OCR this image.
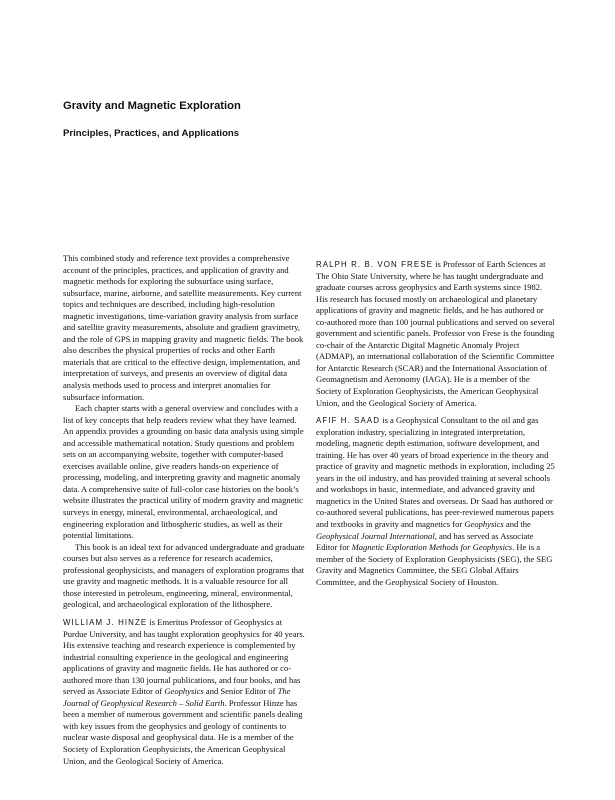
Gravity and Magnetic Exploration
Principles, Practices, and Applications

This combined study and reference text provides a comprehensive account of the principles, practices, and application of gravity and magnetic methods for exploring the subsurface using surface, subsurface, marine, airborne, and satellite measurements. Key current topics and techniques are described, including high-resolution magnetic investigations, time-variation gravity analysis from surface and satellite gravity measurements, absolute and gradient gravimetry, and the role of GPS in mapping gravity and magnetic fields. The book also describes the physical properties of rocks and other Earth materials that are critical to the effective design, implementation, and interpretation of surveys, and presents an overview of digital data analysis methods used to process and interpret anomalies for subsurface information.

Each chapter starts with a general overview and concludes with a list of key concepts that help readers review what they have learned. An appendix provides a grounding on basic data analysis using simple and accessible mathematical notation. Study questions and problem sets on an accompanying website, together with computer-based exercises available online, give readers hands-on experience of processing, modeling, and interpreting gravity and magnetic anomaly data. A comprehensive suite of full-color case histories on the book’s website illustrates the practical utility of modern gravity and magnetic surveys in energy, mineral, environmental, archaeological, and engineering exploration and lithospheric studies, as well as their potential limitations.

This book is an ideal text for advanced undergraduate and graduate courses but also serves as a reference for research academics, professional geophysicists, and managers of exploration programs that use gravity and magnetic methods. It is a valuable resource for all those interested in petroleum, engineering, mineral, environmental, geological, and archaeological exploration of the lithosphere.

WILLIAM J. HINZE is Emeritus Professor of Geophysics at Purdue University, and has taught exploration geophysics for 40 years. His extensive teaching and research experience is complemented by industrial consulting experience in the geological and engineering applications of gravity and magnetic fields. He has authored or co-authored more than 130 journal publications, and four books, and has served as Associate Editor of Geophysics and Senior Editor of The Journal of Geophysical Research – Solid Earth. Professor Hinze has been a member of numerous government and scientific panels dealing with key issues from the geophysics and geology of continents to nuclear waste disposal and geophysical data. He is a member of the Society of Exploration Geophysicists, the American Geophysical Union, and the Geological Society of America.

RALPH R. B. VON FRESE is Professor of Earth Sciences at The Ohio State University, where he has taught undergraduate and graduate courses across geophysics and Earth systems since 1982. His research has focused mostly on archaeological and planetary applications of gravity and magnetic fields, and he has authored or co-authored more than 100 journal publications and served on several government and scientific panels. Professor von Frese is the founding co-chair of the Antarctic Digital Magnetic Anomaly Project (ADMAP), an international collaboration of the Scientific Committee for Antarctic Research (SCAR) and the International Association of Geomagnetism and Aeronomy (IAGA). He is a member of the Society of Exploration Geophysicists, the American Geophysical Union, and the Geological Society of America.

AFIF H. SAAD is a Geophysical Consultant to the oil and gas exploration industry, specializing in integrated interpretation, modeling, magnetic depth estimation, software development, and training. He has over 40 years of broad experience in the theory and practice of gravity and magnetic methods in exploration, including 25 years in the oil industry, and has provided training at several schools and workshops in basic, intermediate, and advanced gravity and magnetics in the United States and overseas. Dr Saad has authored or co-authored several publications, has peer-reviewed numerous papers and textbooks in gravity and magnetics for Geophysics and the Geophysical Journal International, and has served as Associate Editor for Magnetic Exploration Methods for Geophysics. He is a member of the Society of Exploration Geophysicists (SEG), the SEG Gravity and Magnetics Committee, the SEG Global Affairs Committee, and the Geophysical Society of Houston.
